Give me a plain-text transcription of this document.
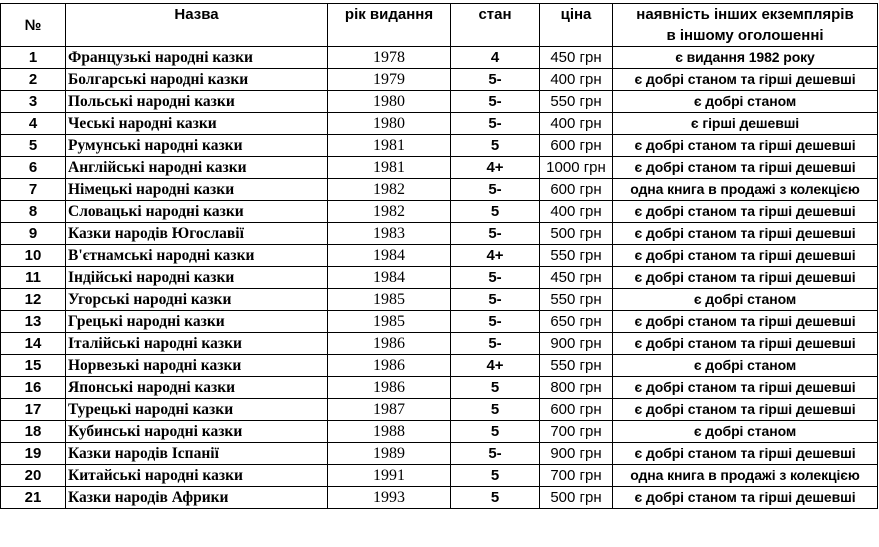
№	Назва	рік видання	стан	ціна	наявність інших екземплярів
					в іншому оголошенні
1	Французькі народні казки	1978	4	450 грн	є видання 1982 року
2	Болгарські народні казки	1979	5-	400 грн	є добрі станом та гірші дешевші
3	Польські народні казки	1980	5-	550 грн	є добрі станом
4	Чеські народні казки	1980	5-	400 грн	є гірші дешевші
5	Румунські народні казки	1981	5	600 грн	є добрі станом та гірші дешевші
6	Англійські народні казки	1981	4+	1000 грн	є добрі станом та гірші дешевші
7	Німецькі народні казки	1982	5-	600 грн	одна книга в продажі з колекцією
8	Словацькі народні казки	1982	5	400 грн	є добрі станом та гірші дешевші
9	Казки народів Югославії	1983	5-	500 грн	є добрі станом та гірші дешевші
10	В'єтнамські народні казки	1984	4+	550 грн	є добрі станом та гірші дешевші
11	Індійські народні казки	1984	5-	450 грн	є добрі станом та гірші дешевші
12	Угорські народні казки	1985	5-	550 грн	є добрі станом
13	Грецькі народні казки	1985	5-	650 грн	є добрі станом та гірші дешевші
14	Італійські народні казки	1986	5-	900 грн	є добрі станом та гірші дешевші
15	Норвезькі народні казки	1986	4+	550 грн	є добрі станом
16	Японські народні казки	1986	5	800 грн	є добрі станом та гірші дешевші
17	Турецькі народні казки	1987	5	600 грн	є добрі станом та гірші дешевші
18	Кубинські народні казки	1988	5	700 грн	є добрі станом
19	Казки народів Іспанії	1989	5-	900 грн	є добрі станом та гірші дешевші
20	Китайські народні казки	1991	5	700 грн	одна книга в продажі з колекцією
21	Казки народів Африки	1993	5	500 грн	є добрі станом та гірші дешевші
